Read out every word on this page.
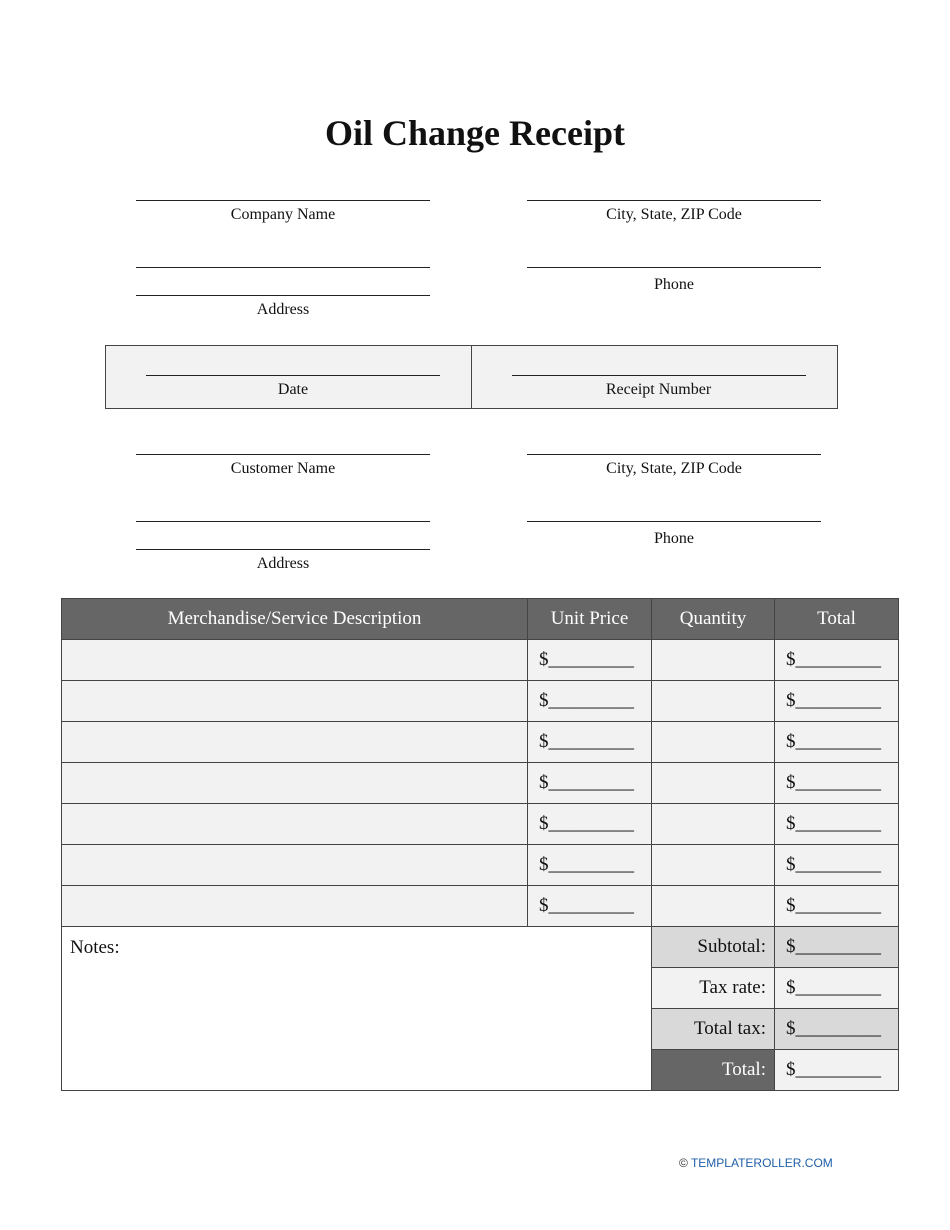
Oil Change Receipt
Company Name	City, State, ZIP Code
Address
Phone
Date	Receipt Number
Customer Name	City, State, ZIP Code
Address
Phone
Merchandise/Service Description	Unit Price	Quantity	Total
	$_________		$_________
	$_________		$_________
	$_________		$_________
	$_________		$_________
	$_________		$_________
	$_________		$_________
	$_________		$_________
Notes:		Subtotal:	$_________
		Tax rate:	$_________
		Total tax:	$_________
		Total:	$_________
© TEMPLATEROLLER.COM
